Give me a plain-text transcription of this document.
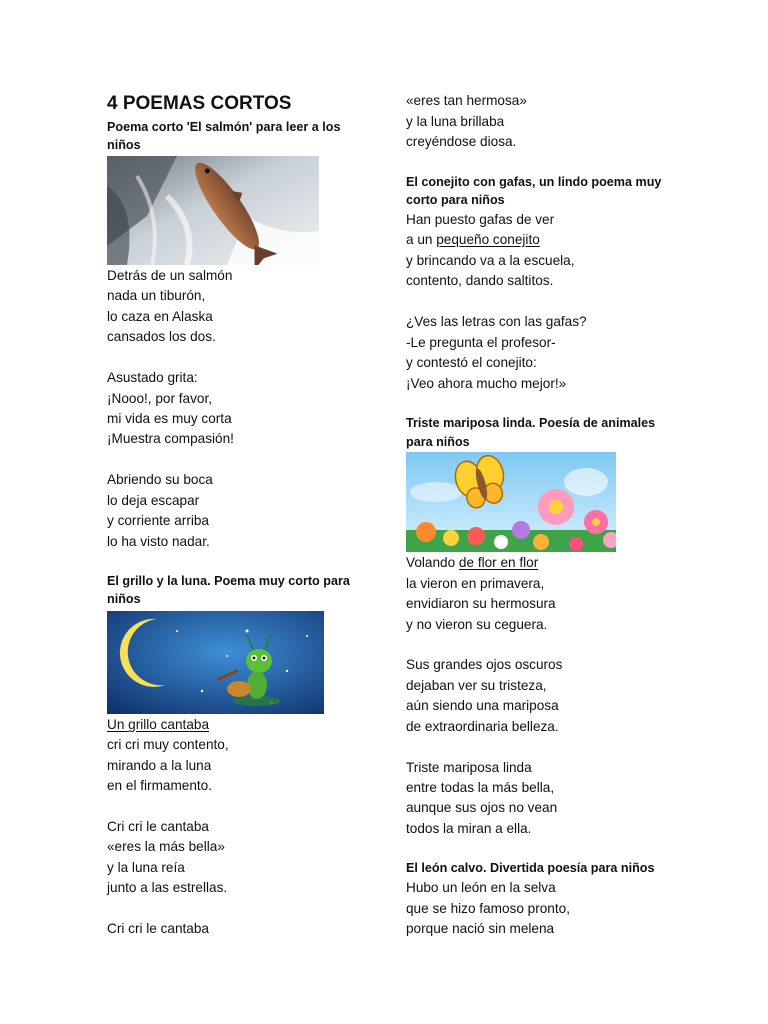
4 POEMAS CORTOS
Poema corto 'El salmón' para leer a los
niños
Detrás de un salmón
nada un tiburón,
lo caza en Alaska
cansados los dos.
Asustado grita:
¡Nooo!, por favor,
mi vida es muy corta
¡Muestra compasión!
Abriendo su boca
lo deja escapar
y corriente arriba
lo ha visto nadar.
El grillo y la luna. Poema muy corto para
niños
Un grillo cantaba
cri cri muy contento,
mirando a la luna
en el firmamento.
Cri cri le cantaba
«eres la más bella»
y la luna reía
junto a las estrellas.
Cri cri le cantaba
«eres tan hermosa»
y la luna brillaba
creyéndose diosa.
El conejito con gafas, un lindo poema muy
corto para niños
Han puesto gafas de ver
a un pequeño conejito
y brincando va a la escuela,
contento, dando saltitos.
¿Ves las letras con las gafas?
-Le pregunta el profesor-
y contestó el conejito:
¡Veo ahora mucho mejor!»
Triste mariposa linda. Poesía de animales
para niños
Volando de flor en flor
la vieron en primavera,
envidiaron su hermosura
y no vieron su ceguera.
Sus grandes ojos oscuros
dejaban ver su tristeza,
aún siendo una mariposa
de extraordinaria belleza.
Triste mariposa linda
entre todas la más bella,
aunque sus ojos no vean
todos la miran a ella.
El león calvo. Divertida poesía para niños
Hubo un león en la selva
que se hizo famoso pronto,
porque nació sin melena
